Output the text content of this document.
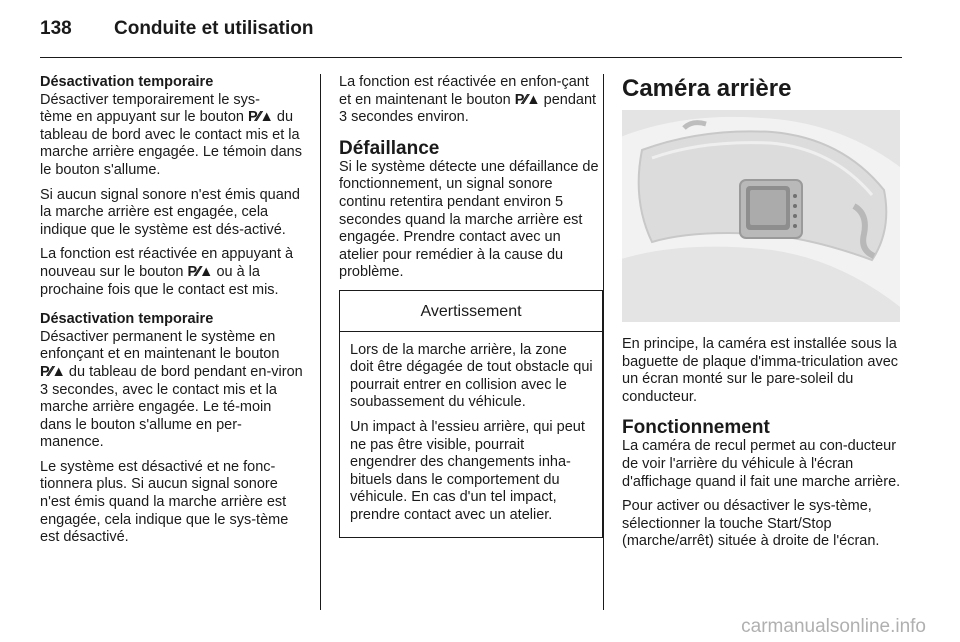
138 Conduite et utilisation
Désactivation temporaire

Désactiver temporairement le sys-
tème en appuyant sur le bouton P⁄⁄▲ du tableau de bord avec le contact mis et la marche arrière engagée. Le témoin dans le bouton s'allume.

Si aucun signal sonore n'est émis quand la marche arrière est engagée, cela indique que le système est dés-activé.

La fonction est réactivée en appuyant à nouveau sur le bouton P⁄⁄▲ ou à la prochaine fois que le contact est mis.

Désactivation temporaire

Désactiver permanent le système en enfonçant et en maintenant le bouton P⁄⁄▲ du tableau de bord pendant en-viron 3 secondes, avec le contact mis et la marche arrière engagée. Le té-moin dans le bouton s'allume en per-manence.

Le système est désactivé et ne fonc-tionnera plus. Si aucun signal sonore n'est émis quand la marche arrière est engagée, cela indique que le sys-tème est désactivé.

La fonction est réactivée en enfon-çant et en maintenant le bouton P⁄⁄▲ pendant 3 secondes environ.

Défaillance

Si le système détecte une défaillance de fonctionnement, un signal sonore continu retentira pendant environ 5 secondes quand la marche arrière est engagée. Prendre contact avec un atelier pour remédier à la cause du problème.

Avertissement

Lors de la marche arrière, la zone doit être dégagée de tout obstacle qui pourrait entrer en collision avec le soubassement du véhicule.

Un impact à l'essieu arrière, qui peut ne pas être visible, pourrait engendrer des changements inha-bituels dans le comportement du véhicule. En cas d'un tel impact, prendre contact avec un atelier.

Caméra arrière

En principe, la caméra est installée sous la baguette de plaque d'imma-triculation avec un écran monté sur le pare-soleil du conducteur.

Fonctionnement

La caméra de recul permet au con-ducteur de voir l'arrière du véhicule à l'écran d'affichage quand il fait une marche arrière.

Pour activer ou désactiver le sys-tème, sélectionner la touche Start/Stop (marche/arrêt) située à droite de l'écran.

carmanualsonline.info
